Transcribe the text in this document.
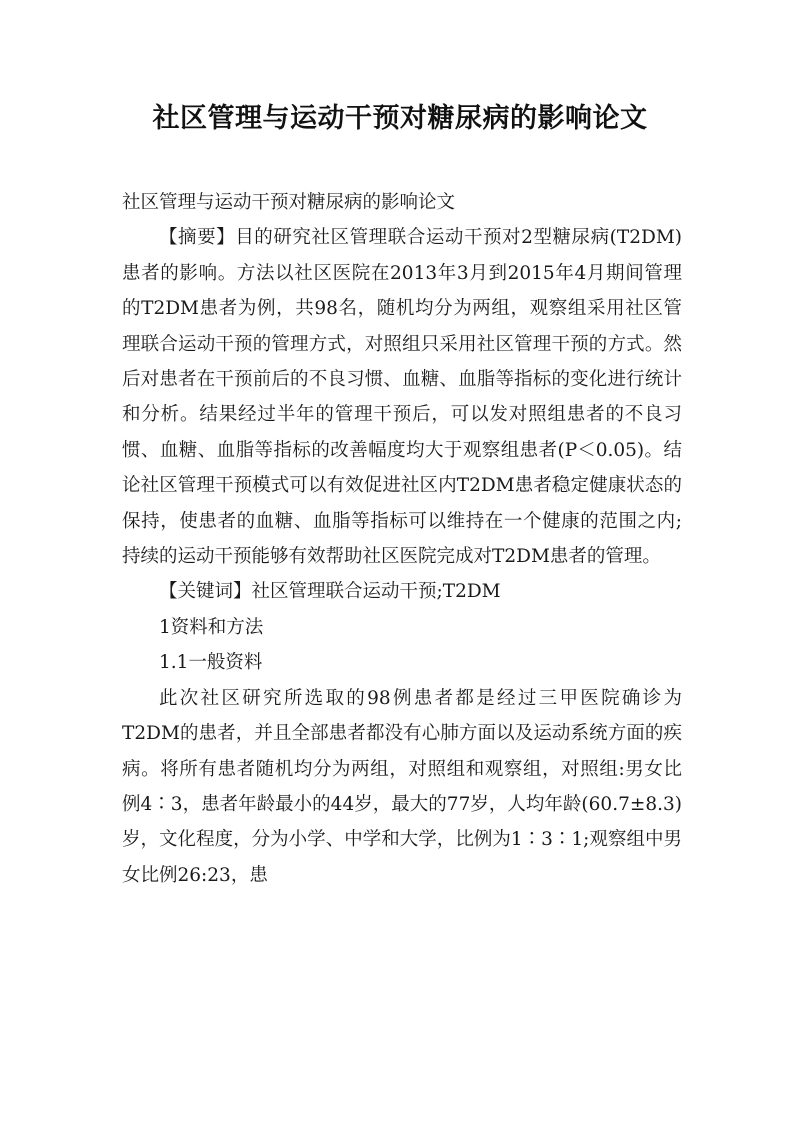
社区管理与运动干预对糖尿病的影响论文

社区管理与运动干预对糖尿病的影响论文

【摘要】目的研究社区管理联合运动干预对2型糖尿病(T2DM)患者的影响。方法以社区医院在2013年3月到2015年4月期间管理的T2DM患者为例，共98名，随机均分为两组，观察组采用社区管理联合运动干预的管理方式，对照组只采用社区管理干预的方式。然后对患者在干预前后的不良习惯、血糖、血脂等指标的变化进行统计和分析。结果经过半年的管理干预后，可以发对照组患者的不良习惯、血糖、血脂等指标的改善幅度均大于观察组患者(P＜0.05)。结论社区管理干预模式可以有效促进社区内T2DM患者稳定健康状态的保持，使患者的血糖、血脂等指标可以维持在一个健康的范围之内;持续的运动干预能够有效帮助社区医院完成对T2DM患者的管理。

【关键词】社区管理联合运动干预;T2DM

1资料和方法

1.1一般资料

此次社区研究所选取的98例患者都是经过三甲医院确诊为T2DM的患者，并且全部患者都没有心肺方面以及运动系统方面的疾病。将所有患者随机均分为两组，对照组和观察组，对照组:男女比例4∶3，患者年龄最小的44岁，最大的77岁，人均年龄(60.7±8.3)岁，文化程度，分为小学、中学和大学，比例为1∶3∶1;观察组中男女比例26:23，患
